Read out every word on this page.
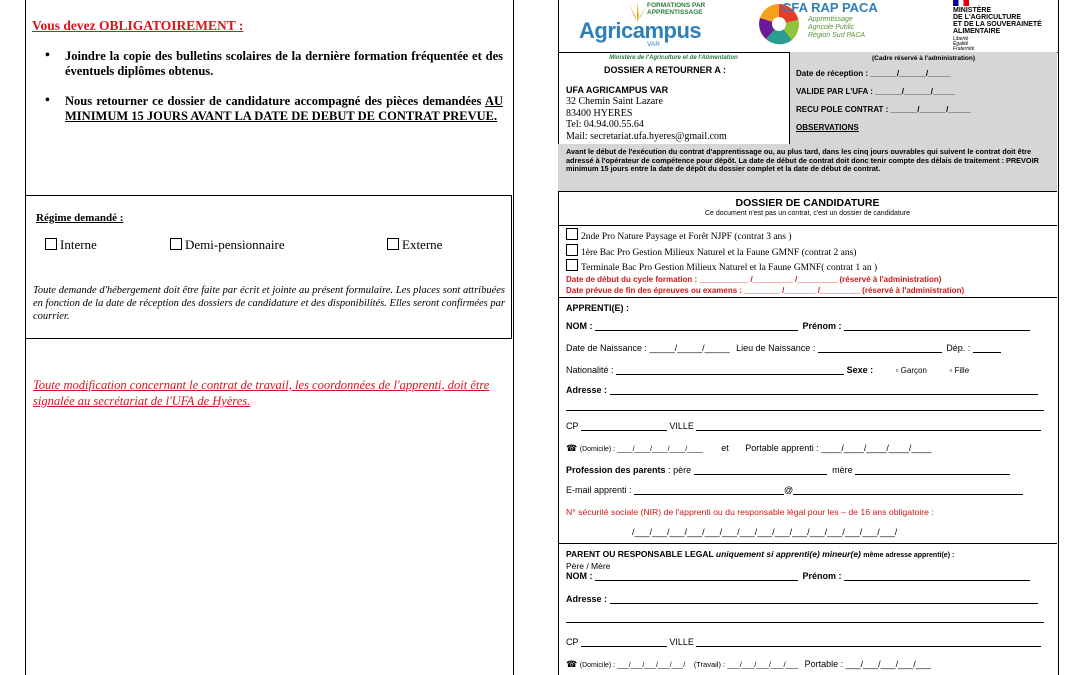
Vous devez OBLIGATOIREMENT :
• Joindre la copie des bulletins scolaires de la dernière formation fréquentée et des éventuels diplômes obtenus.
• Nous retourner ce dossier de candidature accompagné des pièces demandées AU MINIMUM 15 JOURS AVANT LA DATE DE DEBUT DE CONTRAT PREVUE.
Régime demandé :
Interne	Demi-pensionnaire	Externe
Toute demande d'hébergement doit être faite par écrit et jointe au présent formulaire. Les places sont attribuées en fonction de la date de réception des dossiers de candidature et des disponibilités. Elles seront confirmées par courrier.
Toute modification concernant le contrat de travail, les coordonnées de l'apprenti, doit être signalée au secrétariat de l'UFA de Hyères.
FORMATIONS PAR APPRENTISSAGE
Agricampus
VAR
CFA RAP PACA
Apprentissage
Agricole Public
Région Sud PACA
MINISTÈRE
DE L'AGRICULTURE
ET DE LA SOUVERAINETÉ
ALIMENTAIRE
Liberté
Égalité
Fraternité
Ministère de l'Agriculture et de l'Alimentation
DOSSIER A RETOURNER A :
UFA AGRICAMPUS VAR
32 Chemin Saint Lazare
83400 HYERES
Tel: 04.94.00.55.64
Mail: secretariat.ufa.hyeres@gmail.com
(Cadre réservé à l'administration)
Date de réception : ______/______/_____
VALIDE PAR L'UFA : ______/______/_____
RECU POLE CONTRAT : ______/______/_____
OBSERVATIONS
Avant le début de l'exécution du contrat d'apprentissage ou, au plus tard, dans les cinq jours ouvrables qui suivent le contrat doit être adressé à l'opérateur de compétence pour dépôt. La date de début de contrat doit donc tenir compte des délais de traitement : PREVOIR minimum 15 jours entre la date de dépôt du dossier complet et la date de début de contrat.
DOSSIER DE CANDIDATURE
Ce document n'est pas un contrat, c'est un dossier de candidature
2nde Pro Nature Paysage et Forêt NJPF (contrat 3 ans )
1ère Bac Pro Gestion Milieux Naturel et la Faune GMNF (contrat 2 ans)
Terminale Bac Pro Gestion Milieux Naturel et la Faune GMNF( contrat 1 an )
Date de début du cycle formation : ___________ /_________ /_________ (réservé à l'administration)
Date prévue de fin des épreuves ou examens : ________ /_______ /_________ (réservé à l'administration)
APPRENTI(E) :
NOM :	Prénom :
Date de Naissance : _____/_____/_____ Lieu de Naissance :	Dép. :
Nationalité :	Sexe :	▫ Garçon	▫ Fille
Adresse :
CP	VILLE
☎ (Domicile) : ____/____/____/____/____ et Portable apprenti : ____/____/____/____/____
Profession des parents : père	mère
E-mail apprenti :	@
N° sécurité sociale (NIR) de l'apprenti ou du responsable légal pour les – de 16 ans obligatoire :
/___/___/___/___/___/___/___/___/___/___/___/___/___/___/___/
PARENT OU RESPONSABLE LEGAL uniquement si apprenti(e) mineur(e) même adresse apprenti(e) :
Père / Mère
NOM :	Prénom :
Adresse :
CP	VILLE
☎ (Domicile) : ___/___/___/___/___/ (Travail) : ___/___/___/___/___ Portable : ___/___/___/___/___
